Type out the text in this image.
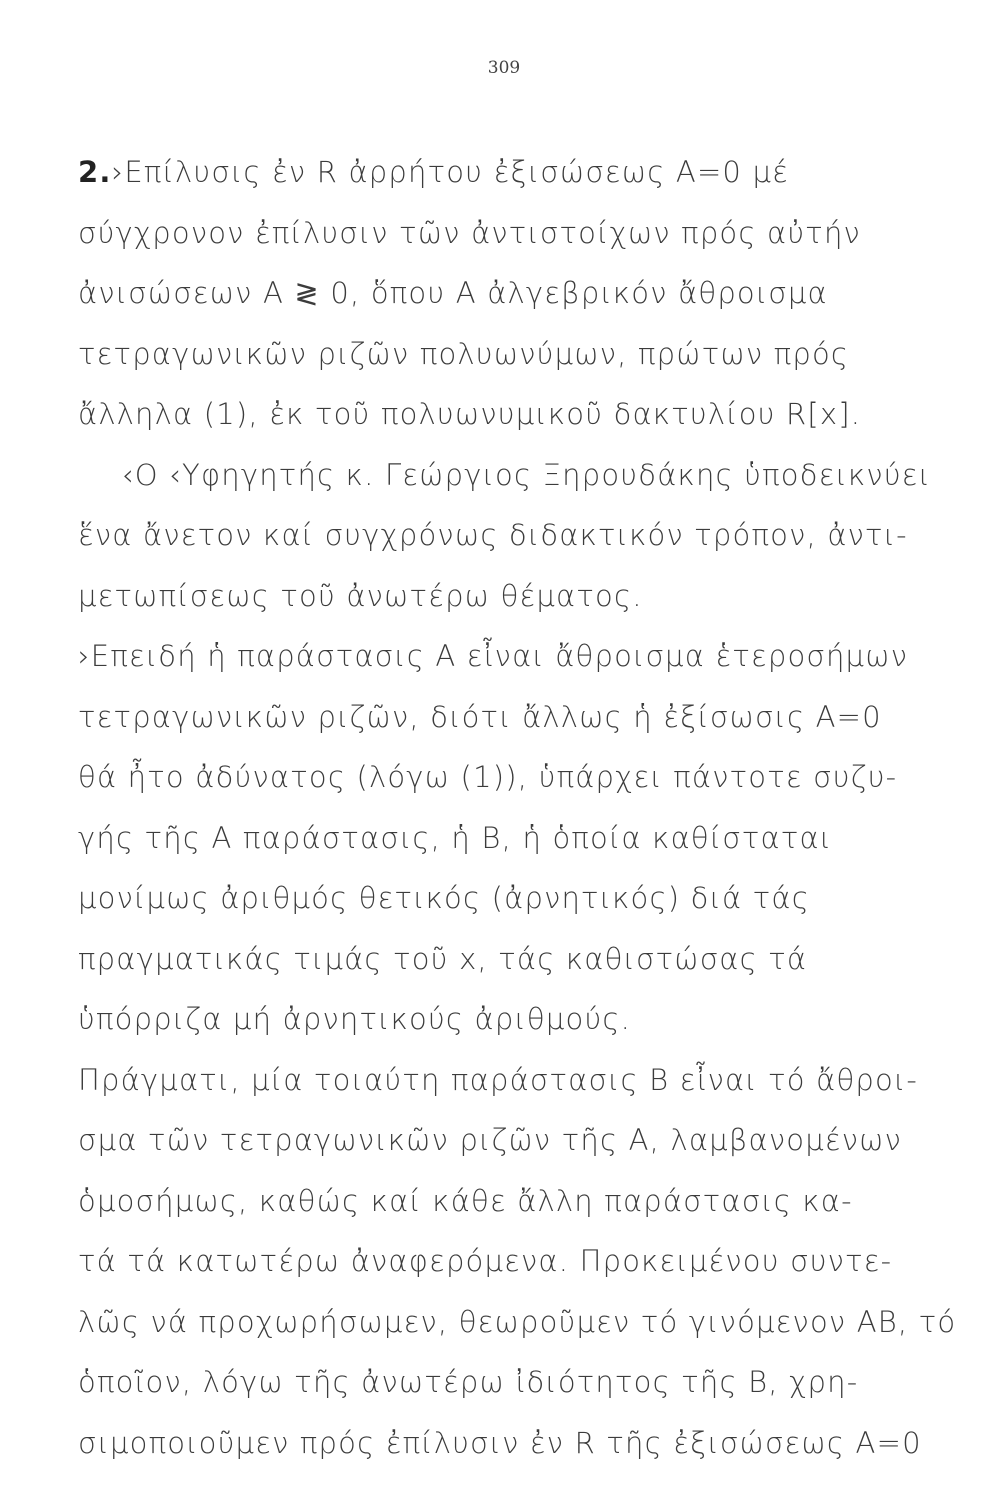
309
2.›Επίλυσις ἐν R ἀρρήτου ἐξισώσεως A=0 μέ
σύγχρονον ἐπίλυσιν τῶν ἀντιστοίχων πρός αὐτήν
ἀνισώσεων A ≷ 0, ὅπου A ἀλγεβρικόν ἄθροισμα
τετραγωνικῶν ριζῶν πολυωνύμων, πρώτων πρός
ἄλληλα (1), ἐκ τοῦ πολυωνυμικοῦ δακτυλίου R[x].
‹Ο ‹Υφηγητής κ. Γεώργιος Ξηρουδάκης ὑποδεικνύει
ἕνα ἄνετον καί συγχρόνως διδακτικόν τρόπον, ἀντι-
μετωπίσεως τοῦ ἀνωτέρω θέματος.
›Επειδή ἡ παράστασις A εἶναι ἄθροισμα ἑτεροσήμων
τετραγωνικῶν ριζῶν, διότι ἄλλως ἡ ἐξίσωσις A=0
θά ἦτο ἀδύνατος (λόγω (1)), ὑπάρχει πάντοτε συζυ-
γής τῆς A παράστασις, ἡ B, ἡ ὁποία καθίσταται
μονίμως ἀριθμός θετικός (ἀρνητικός) διά τάς
πραγματικάς τιμάς τοῦ x, τάς καθιστώσας τά
ὑπόρριζα μή ἀρνητικούς ἀριθμούς.
Πράγματι, μία τοιαύτη παράστασις B εἶναι τό ἄθροι-
σμα τῶν τετραγωνικῶν ριζῶν τῆς A, λαμβανομένων
ὁμοσήμως, καθώς καί κάθε ἄλλη παράστασις κα-
τά τά κατωτέρω ἀναφερόμενα. Προκειμένου συντε-
λῶς νά προχωρήσωμεν, θεωροῦμεν τό γινόμενον AB, τό
ὁποῖον, λόγω τῆς ἀνωτέρω ἰδιότητος τῆς B, χρη-
σιμοποιοῦμεν πρός ἐπίλυσιν ἐν R τῆς ἐξισώσεως A=0
